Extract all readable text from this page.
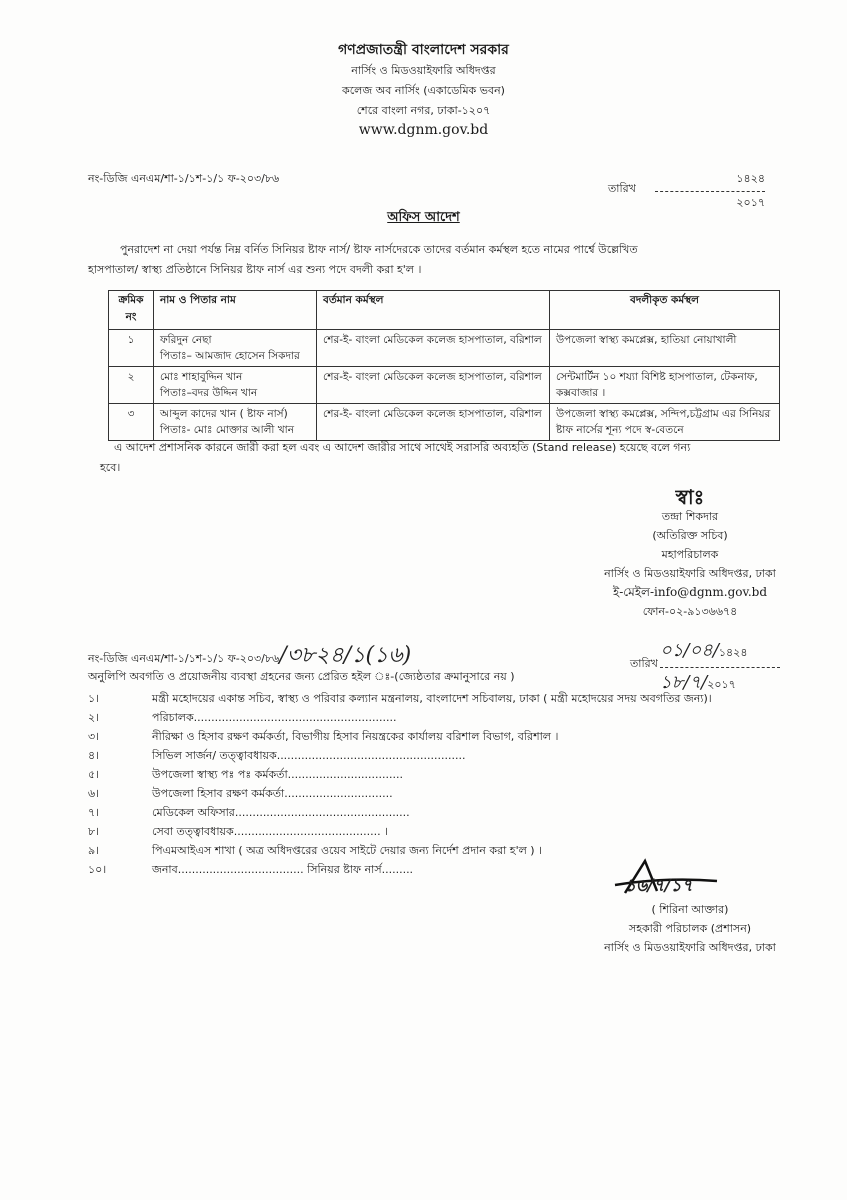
গণপ্রজাতন্ত্রী বাংলাদেশ সরকার
নার্সিং ও মিডওয়াইফারি অধিদপ্তর
কলেজ অব নার্সিং (একাডেমিক ভবন)
শেরে বাংলা নগর, ঢাকা-১২০৭
www.dgnm.gov.bd
নং-ডিজি এনএম/শা-১/১শ-১/১ ফ-২০৩/৮৬
তারিখ
১৪২৪
২০১৭
অফিস আদেশ
পুনরাদেশ না দেয়া পর্যন্ত নিম্ন বর্নিত সিনিয়র ষ্টাফ নার্স/ ষ্টাফ নার্সদেরকে তাদের বর্তমান কর্মস্থল হতে নামের পার্শ্বে উল্লেখিত
হাসপাতাল/ স্বাস্থ্য প্রতিষ্ঠানে সিনিয়র ষ্টাফ নার্স এর শুন্য পদে বদলী করা হ'ল ।
ক্রমিক নং	নাম ও পিতার নাম	বর্তমান কর্মস্থল	বদলীকৃত কর্মস্থল
১	ফরিদুন নেছা
পিতাঃ– আমজাদ হোসেন সিকদার	শের-ই- বাংলা মেডিকেল কলেজ হাসপাতাল, বরিশাল	উপজেলা স্বাস্থ্য কমপ্লেক্স, হাতিয়া নোয়াখালী
২	মোঃ শাহাবুদ্দিন খান
পিতাঃ–বদর উদ্দিন খান	শের-ই- বাংলা মেডিকেল কলেজ হাসপাতাল, বরিশাল	সেন্টমার্টিন ১০ শয্যা বিশিষ্ট হাসপাতাল, টেকনাফ, কক্সবাজার ।
৩	আব্দুল কাদের খান ( ষ্টাফ নার্স)
পিতাঃ- মোঃ মোক্তার আলী খান	শের-ই- বাংলা মেডিকেল কলেজ হাসপাতাল, বরিশাল	উপজেলা স্বাস্থ্য কমপ্লেক্স, সন্দিপ,চট্টগ্রাম এর সিনিয়র ষ্টাফ নার্সের শূন্য পদে স্ব-বেতনে
এ আদেশ প্রশাসনিক কারনে জারী করা হল এবং এ আদেশ জারীর সাথে সাথেই সরাসরি অব্যহতি (Stand release) হয়েছে বলে গন্য
হবে।
স্বাঃ
তন্দ্রা শিকদার
(অতিরিক্ত সচিব)
মহাপরিচালক
নার্সিং ও মিডওয়াইফারি অধিদপ্তর, ঢাকা
ই-মেইল-info@dgnm.gov.bd
ফোন-০২-৯১৩৬৬৭৪
নং-ডিজি এনএম/শা-১/১শ-১/১ ফ-২০৩/৮৬/৩৮২৪/১(১৬)	তারিখ
০১/০৪/১৪২৪
১৮/৭/২০১৭
অনুলিপি অবগতি ও প্রয়োজনীয় ব্যবস্থা গ্রহনের জন্য প্রেরিত হইল ঃ-(জ্যেষ্ঠতার ক্রমানুসারে নয় )
১।	মন্ত্রী মহোদয়ের একান্ত সচিব, স্বাস্থ্য ও পরিবার কল্যান মন্ত্রনালয়, বাংলাদেশ সচিবালয়, ঢাকা ( মন্ত্রী মহোদয়ের সদয় অবগতির জন্য)।
২।	পরিচালক..........................................................
৩।	নীরিক্ষা ও হিসাব রক্ষণ কর্মকর্তা, বিভাগীয় হিসাব নিয়ন্ত্রকের কার্যালয় বরিশাল বিভাগ, বরিশাল ।
৪।	সিভিল সার্জন/ তত্ত্বাবধায়ক......................................................
৫।	উপজেলা স্বাস্থ্য পঃ পঃ কর্মকর্তা.................................
৬।	উপজেলা হিসাব রক্ষণ কর্মকর্তা...............................
৭।	মেডিকেল অফিসার..................................................
৮।	সেবা তত্ত্বাবধায়ক.......................................... ।
৯।	পিএমআইএস শাখা ( অত্র অধিদপ্তরের ওয়েব সাইটে দেয়ার জন্য নির্দেশ প্রদান করা হ'ল ) ।
১০।	জনাব.................................... সিনিয়র ষ্টাফ নার্স.........
১৬/৭/১৭
( শিরিনা আক্তার)
সহকারী পরিচালক (প্রশাসন)
নার্সিং ও মিডওয়াইফারি অধিদপ্তর, ঢাকা
